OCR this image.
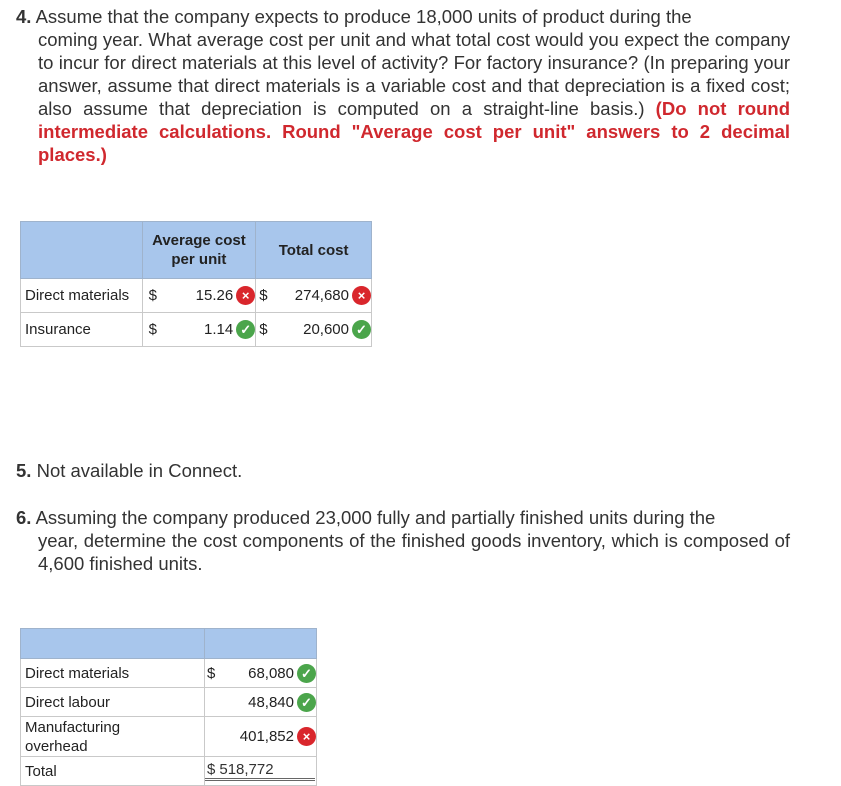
4. Assume that the company expects to produce 18,000 units of product during the
coming year. What average cost per unit and what total cost would you expect the company to incur for direct materials at this level of activity? For factory insurance? (In preparing your answer, assume that direct materials is a variable cost and that depreciation is a fixed cost; also assume that depreciation is computed on a straight-line basis.) (Do not round intermediate calculations. Round "Average cost per unit" answers to 2 decimal places.)
	Average cost per unit	Total cost
Direct materials	$ 15.26 ×	$ 274,680 ×

Insurance	$ 1.14 ✓	$ 20,600 ✓
5. Not available in Connect.
6. Assuming the company produced 23,000 fully and partially finished units during the
year, determine the cost components of the finished goods inventory, which is composed of 4,600 finished units.

Direct materials	$ 68,080 ✓

Direct labour	48,840 ✓

Manufacturing overhead	401,852 ×

Total	$ 518,772
